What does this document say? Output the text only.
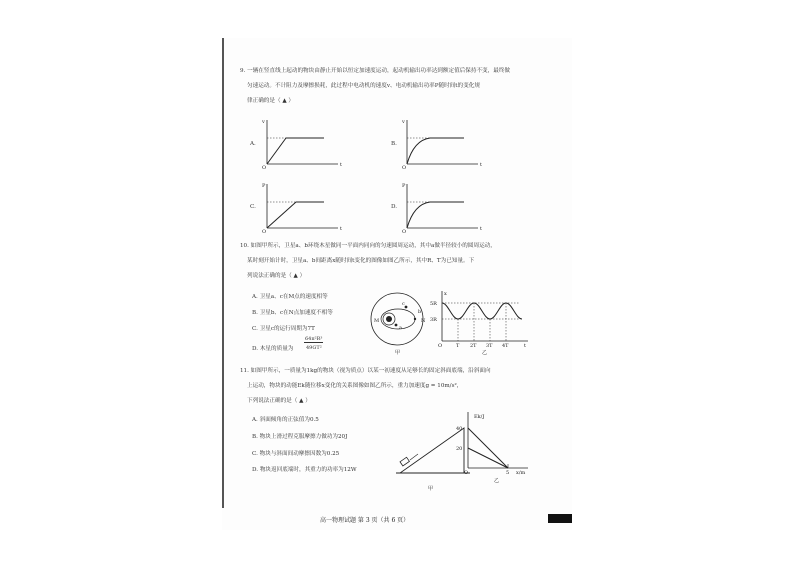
9. 一辆在竖直线上起动的物块由静止开始以恒定加速度运动，起动机输出功率达到额定值后保持不变，最终做
匀速运动。不计阻力及摩擦损耗，此过程中电动机的速度v、电动机输出功率P随时间t的变化规
律正确的是（ ▲ ）
A.	B.
C.	D.
v
t
O
v
t
O
P
t
O
P
t
O
10. 如图甲所示，卫星a、b环绕木星做同一平面内同向的匀速圆周运动，其中a做半径较小的圆周运动，
某时刻开始计时，卫星a、b间距离x随时间t变化的图像如图乙所示，其中R、T为已知量。下
列说法正确的是（ ▲ ）
A. 卫星a、c在M点的速度相等
B. 卫星b、c在N点加速度不相等
C. 卫星c的运行周期为7T
D. 木星的质量为
64π²R³
49GT²
M	N
a
b
c
甲
x
5R
3R
O	T 2T 3T 4T	t
乙
11. 如图甲所示，一质量为1kg的物块（视为质点）以某一初速度从足够长的固定斜面底端，沿斜面向
上运动，物块的动能Ek随位移x变化的关系图像如图乙所示，重力加速度g = 10m/s²，
下列说法正确的是（ ▲ ）
A. 斜面倾角的正弦值为0.5
B. 物块上滑过程克服摩擦力做功为20J
C. 物块与斜面间动摩擦因数为0.25
D. 物块返回底端时，其重力的功率为12W
甲
Ek/J
40
20
O	5 x/m
乙
高一物理试题 第 3 页（共 6 页）
